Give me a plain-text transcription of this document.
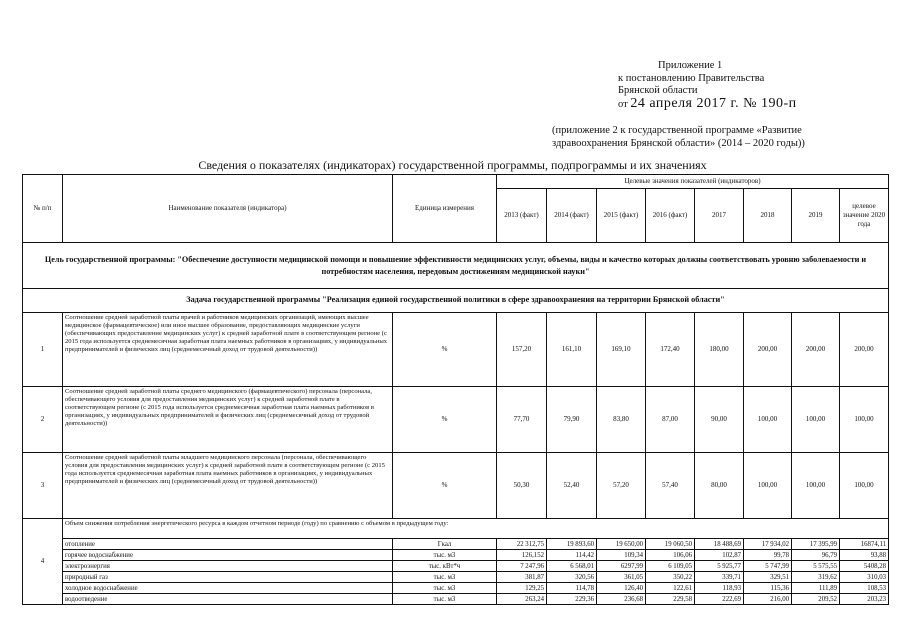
Приложение 1
к постановлению Правительства
Брянской области
от 24 апреля 2017 г. № 190-п
(приложение 2 к государственной программе «Развитие здравоохранения Брянской области» (2014 – 2020 годы))
Сведения о показателях (индикаторах) государственной программы, подпрограммы и их значениях
№ п/п	Наименование показателя (индикатора)	Единица измерения	Целевые значения показателей (индикаторов)							
			2013 (факт)	2014 (факт)	2015 (факт)	2016 (факт)	2017	2018	2019	целевое значение 2020 года
Цель государственной программы: "Обеспечение доступности медицинской помощи и повышение эффективности медицинских услуг, объемы, виды и качество которых должны соответствовать уровню заболеваемости и потребностям населения, передовым достижениям медицинской науки"										
Задача государственной программы "Реализация единой государственной политики в сфере здравоохранения на территории Брянской области"										
1	Соотношение средней заработной платы врачей и работников медицинских организаций, имеющих высшее медицинское (фармацевтическое) или иное высшее образование, предоставляющих медицинские услуги (обеспечивающих предоставление медицинских услуг) к средней заработной плате в соответствующем регионе (с 2015 года используется среднемесячная заработная плата наемных работников в организациях, у индивидуальных предпринимателей и физических лиц (среднемесячный доход от трудовой деятельности))	%	157,20	161,10	169,10	172,40	180,00	200,00	200,00	200,00
2	Соотношение средней заработной платы среднего медицинского (фармацевтического) персонала (персонала, обеспечивающего условия для предоставления медицинских услуг) к средней заработной плате в соответствующем регионе (с 2015 года используется среднемесячная заработная плата наемных работников в организациях, у индивидуальных предпринимателей и физических лиц (среднемесячный доход от трудовой деятельности))	%	77,70	79,90	83,80	87,00	90,00	100,00	100,00	100,00
3	Соотношение средней заработной платы младшего медицинского персонала (персонала, обеспечивающего условия для предоставления медицинских услуг) к средней заработной плате в соответствующем регионе (с 2015 года используется среднемесячная заработная плата наемных работников в организациях, у индивидуальных предпринимателей и физических лиц (среднемесячный доход от трудовой деятельности))	%	50,30	52,40	57,20	57,40	80,00	100,00	100,00	100,00
4	Объем снижения потребления энергетического ресурса в каждом отчетном периоде (году) по сравнению с объемом в предыдущем году:									
	отопление	Гкал	22 312,75	19 893,60	19 650,00	19 060,50	18 488,69	17 934,02	17 395,99	16874,11
	горячее водоснабжение	тыс. м3	126,152	114,42	109,34	106,06	102,87	99,78	96,79	93,88
	электроэнергия	тыс. кВт*ч	7 247,96	6 568,01	6297,99	6 109,05	5 925,77	5 747,99	5 575,55	5408,28
	природный газ	тыс. м3	381,87	320,56	361,05	350,22	339,71	329,51	319,62	310,03
	холодное водоснабжение	тыс. м3	129,25	114,78	126,40	122,61	118,93	115,36	111,89	108,53
	водоотведение	тыс. м3	263,24	229,36	236,68	229,58	222,69	216,00	209,52	203,23
